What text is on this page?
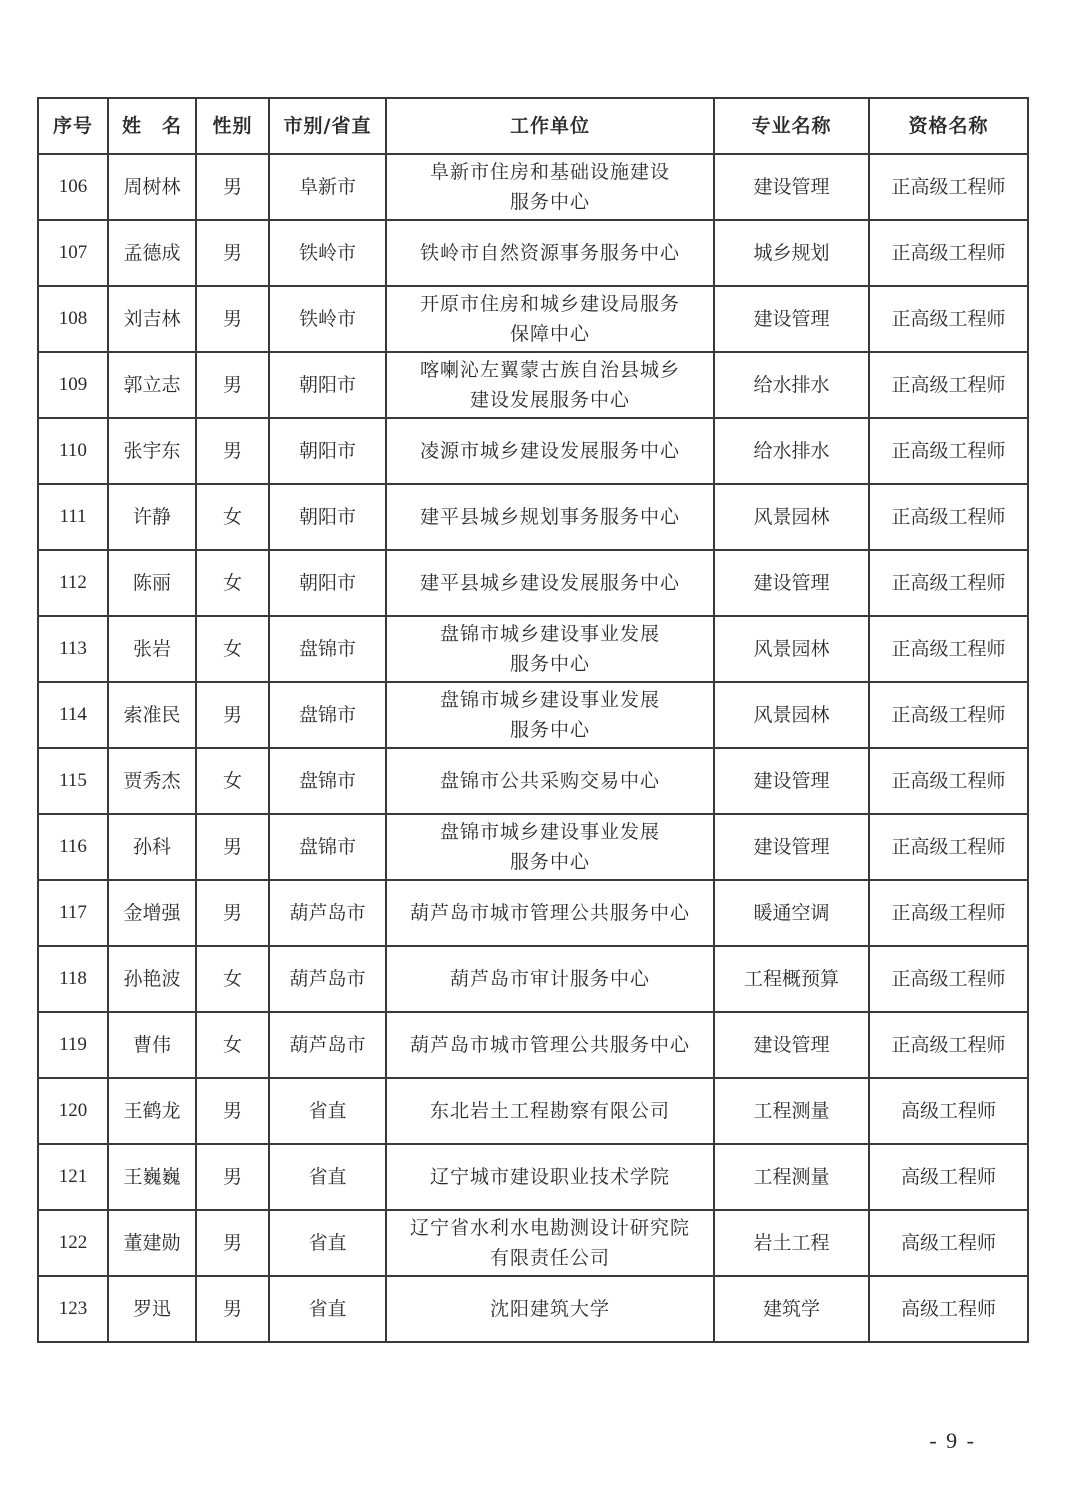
序号	姓　名	性别	市别/省直	工作单位	专业名称	资格名称
106	周树林	男	阜新市	阜新市住房和基础设施建设
服务中心	建设管理	正高级工程师
107	孟德成	男	铁岭市	铁岭市自然资源事务服务中心	城乡规划	正高级工程师
108	刘吉林	男	铁岭市	开原市住房和城乡建设局服务
保障中心	建设管理	正高级工程师
109	郭立志	男	朝阳市	喀喇沁左翼蒙古族自治县城乡
建设发展服务中心	给水排水	正高级工程师
110	张宇东	男	朝阳市	凌源市城乡建设发展服务中心	给水排水	正高级工程师
111	许静	女	朝阳市	建平县城乡规划事务服务中心	风景园林	正高级工程师
112	陈丽	女	朝阳市	建平县城乡建设发展服务中心	建设管理	正高级工程师
113	张岩	女	盘锦市	盘锦市城乡建设事业发展
服务中心	风景园林	正高级工程师
114	索准民	男	盘锦市	盘锦市城乡建设事业发展
服务中心	风景园林	正高级工程师
115	贾秀杰	女	盘锦市	盘锦市公共采购交易中心	建设管理	正高级工程师
116	孙科	男	盘锦市	盘锦市城乡建设事业发展
服务中心	建设管理	正高级工程师
117	金增强	男	葫芦岛市	葫芦岛市城市管理公共服务中心	暖通空调	正高级工程师
118	孙艳波	女	葫芦岛市	葫芦岛市审计服务中心	工程概预算	正高级工程师
119	曹伟	女	葫芦岛市	葫芦岛市城市管理公共服务中心	建设管理	正高级工程师
120	王鹤龙	男	省直	东北岩土工程勘察有限公司	工程测量	高级工程师
121	王巍巍	男	省直	辽宁城市建设职业技术学院	工程测量	高级工程师
122	董建勋	男	省直	辽宁省水利水电勘测设计研究院
有限责任公司	岩土工程	高级工程师
123	罗迅	男	省直	沈阳建筑大学	建筑学	高级工程师
- 9 -
